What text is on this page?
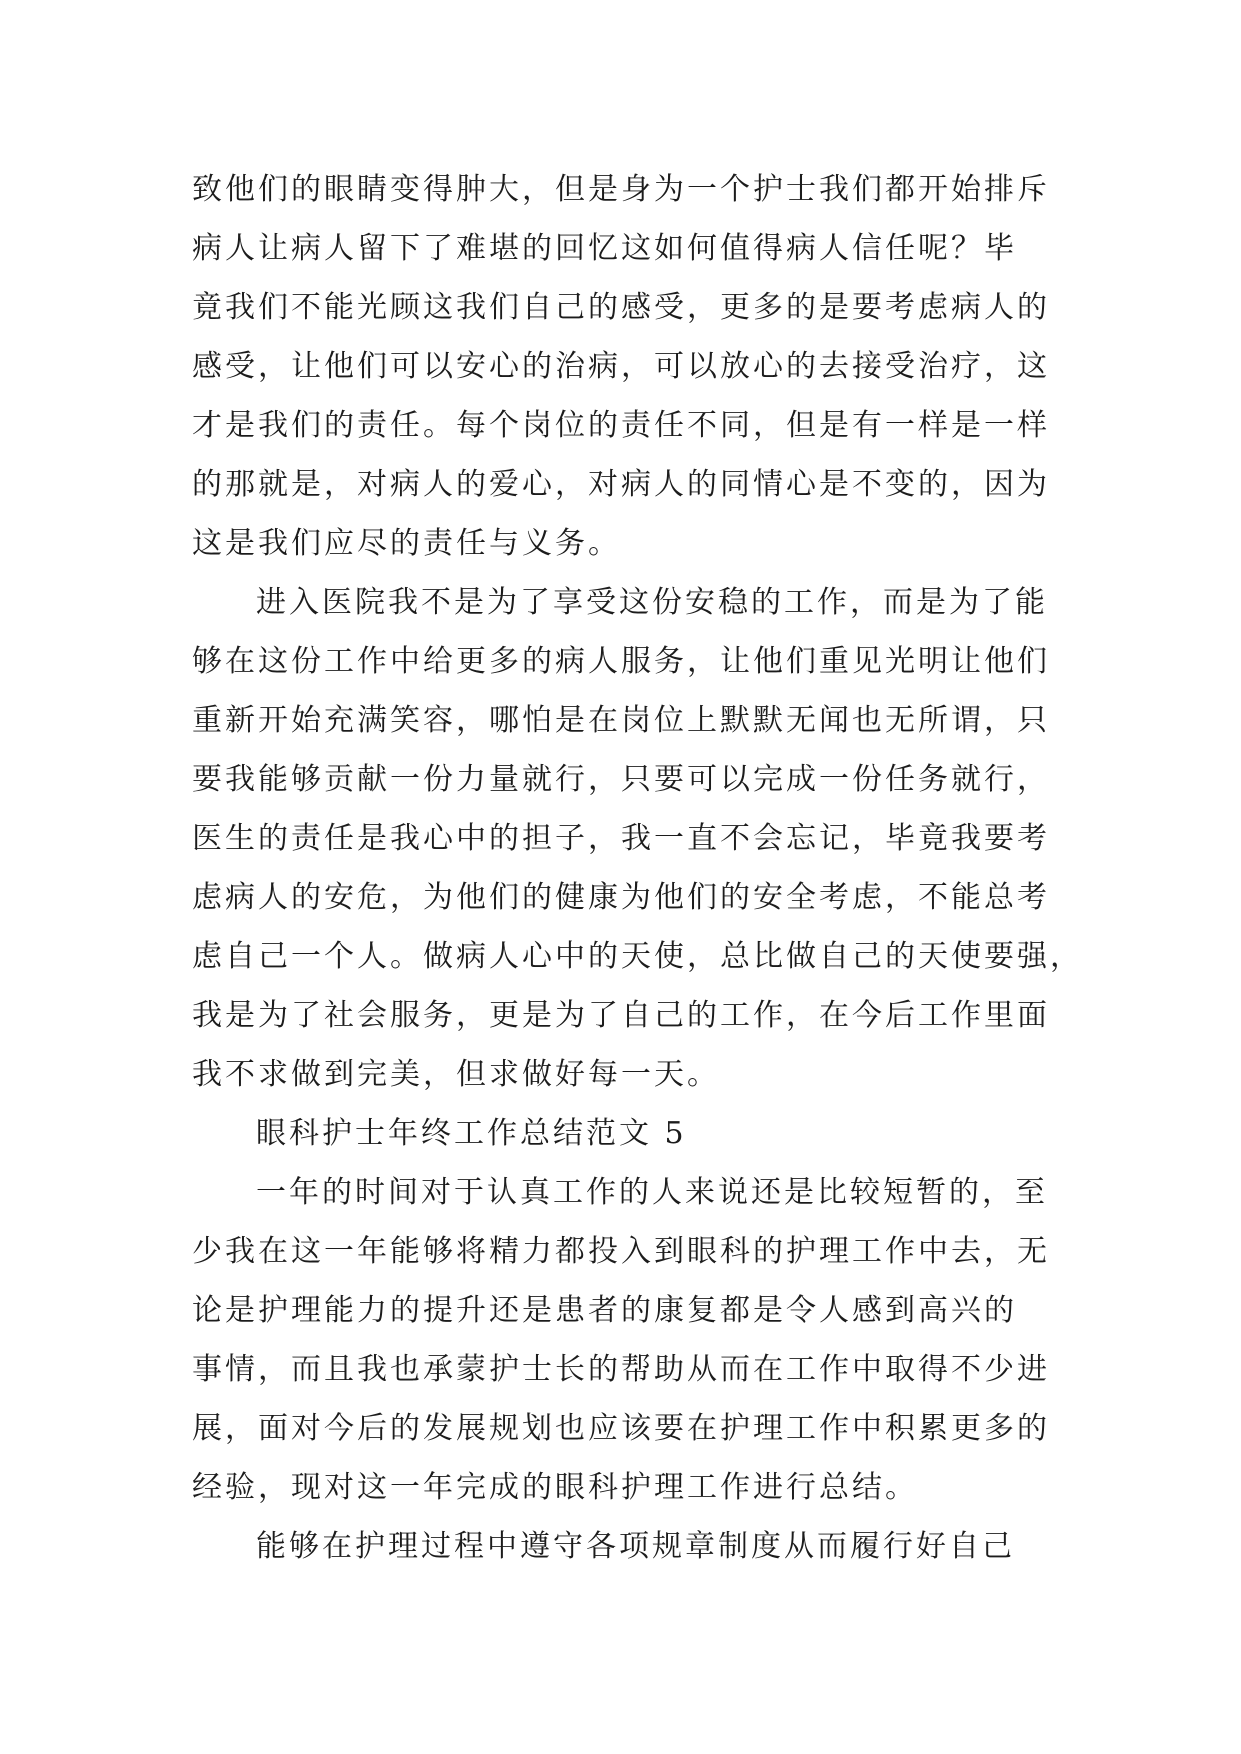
致他们的眼睛变得肿大，但是身为一个护士我们都开始排斥
病人让病人留下了难堪的回忆这如何值得病人信任呢？毕
竟我们不能光顾这我们自己的感受，更多的是要考虑病人的
感受，让他们可以安心的治病，可以放心的去接受治疗，这
才是我们的责任。每个岗位的责任不同，但是有一样是一样
的那就是，对病人的爱心，对病人的同情心是不变的，因为
这是我们应尽的责任与义务。
进入医院我不是为了享受这份安稳的工作，而是为了能
够在这份工作中给更多的病人服务，让他们重见光明让他们
重新开始充满笑容，哪怕是在岗位上默默无闻也无所谓，只
要我能够贡献一份力量就行，只要可以完成一份任务就行，
医生的责任是我心中的担子，我一直不会忘记，毕竟我要考
虑病人的安危，为他们的健康为他们的安全考虑，不能总考
虑自己一个人。做病人心中的天使，总比做自己的天使要强，
我是为了社会服务，更是为了自己的工作，在今后工作里面
我不求做到完美，但求做好每一天。
眼科护士年终工作总结范文 5
一年的时间对于认真工作的人来说还是比较短暂的，至
少我在这一年能够将精力都投入到眼科的护理工作中去，无
论是护理能力的提升还是患者的康复都是令人感到高兴的
事情，而且我也承蒙护士长的帮助从而在工作中取得不少进
展，面对今后的发展规划也应该要在护理工作中积累更多的
经验，现对这一年完成的眼科护理工作进行总结。
能够在护理过程中遵守各项规章制度从而履行好自己
